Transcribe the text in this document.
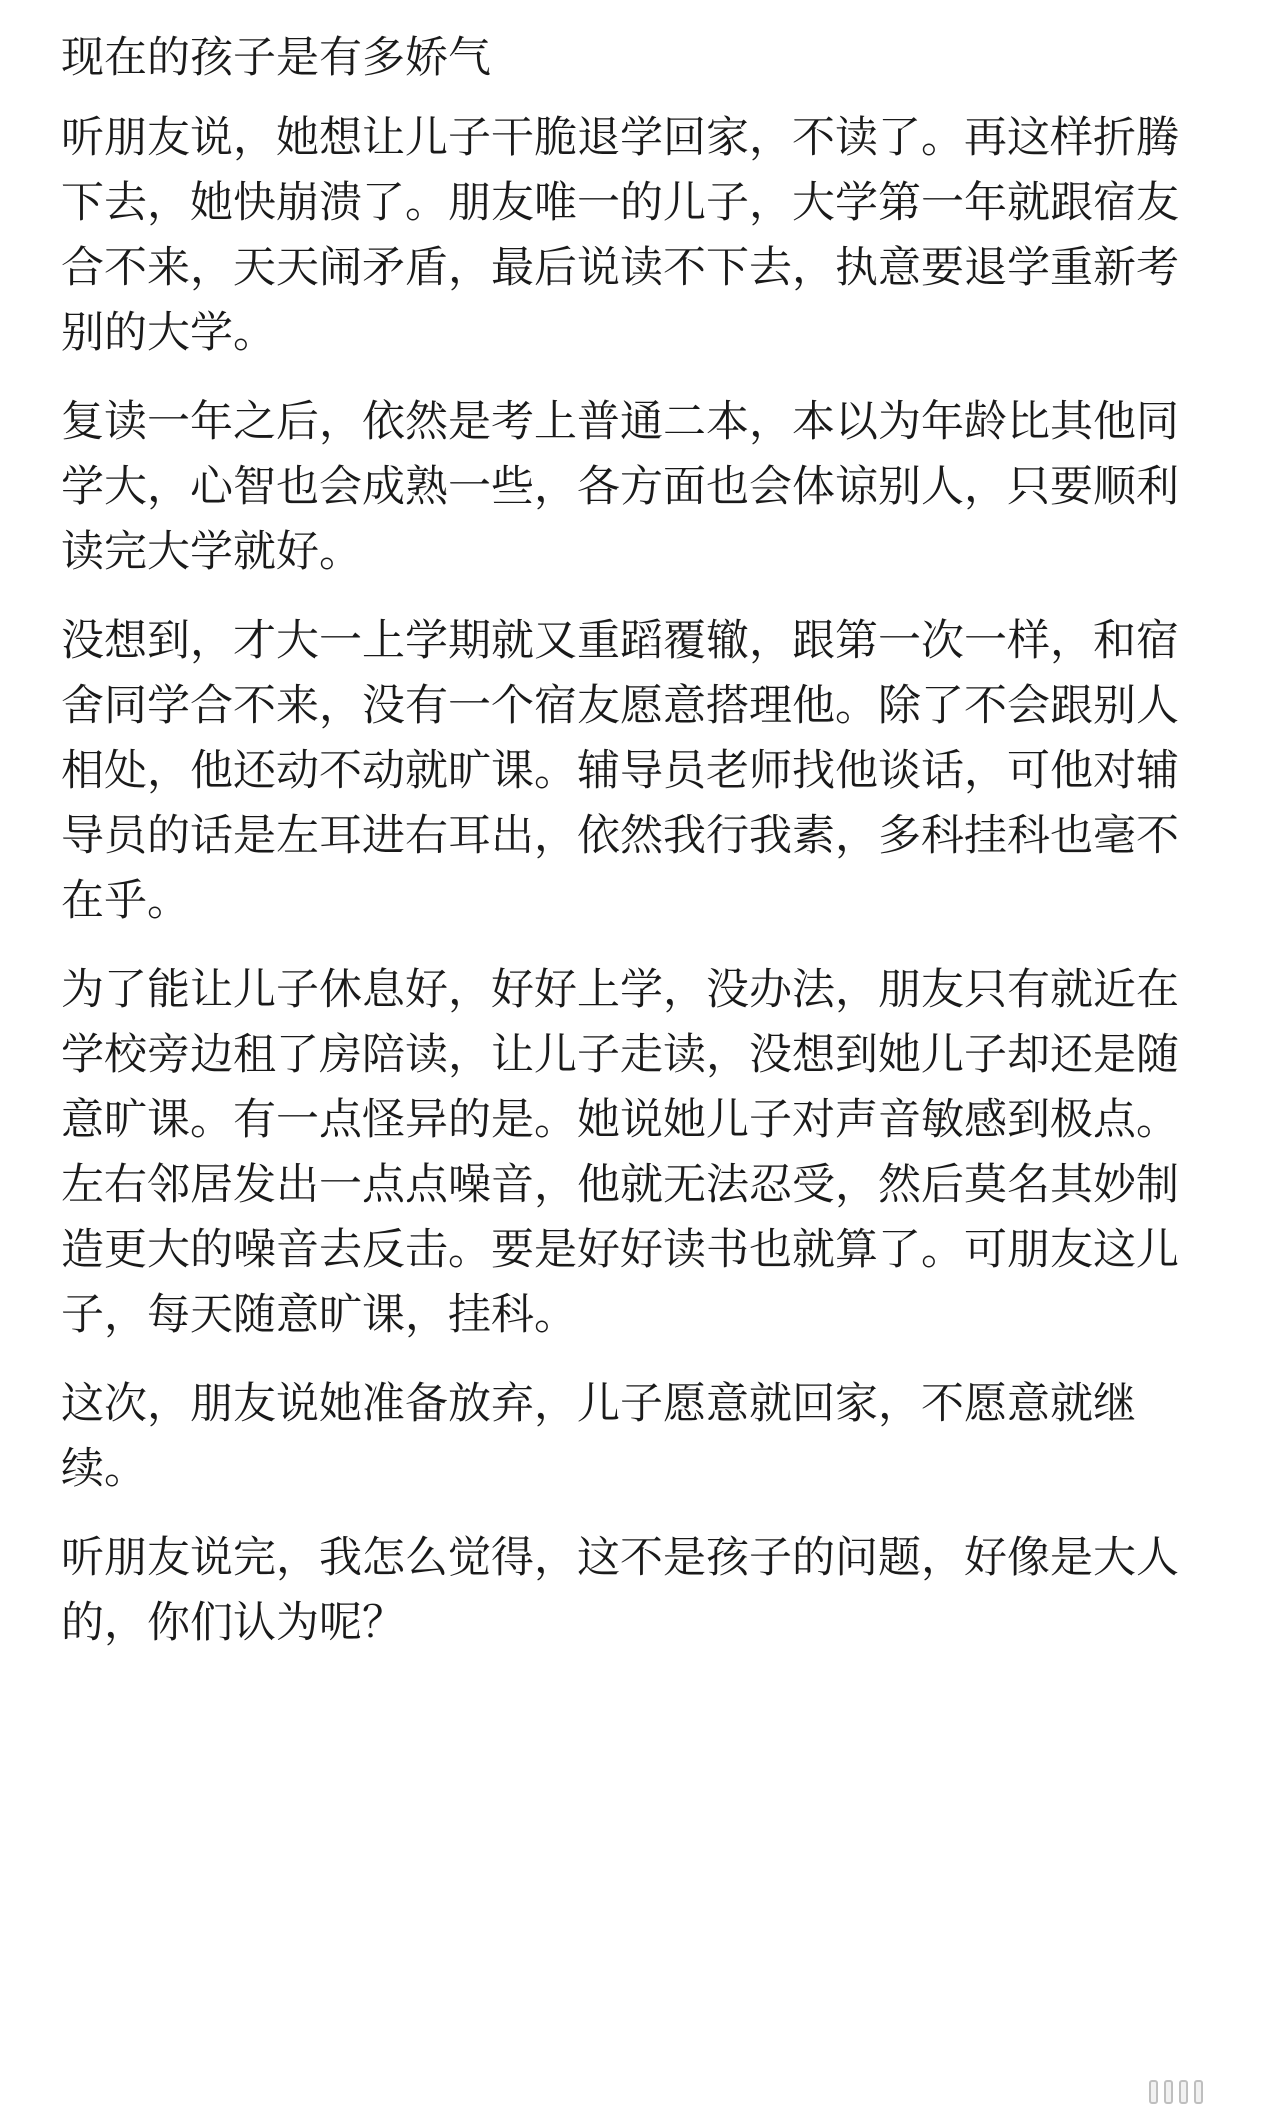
现在的孩子是有多娇气

听朋友说，她想让儿子干脆退学回家，不读了。再这样折腾下去，她快崩溃了。朋友唯一的儿子，大学第一年就跟宿友合不来，天天闹矛盾，最后说读不下去，执意要退学重新考别的大学。

复读一年之后，依然是考上普通二本，本以为年龄比其他同学大，心智也会成熟一些，各方面也会体谅别人，只要顺利读完大学就好。

没想到，才大一上学期就又重蹈覆辙，跟第一次一样，和宿舍同学合不来，没有一个宿友愿意搭理他。除了不会跟别人相处，他还动不动就旷课。辅导员老师找他谈话，可他对辅导员的话是左耳进右耳出，依然我行我素，多科挂科也毫不在乎。

为了能让儿子休息好，好好上学，没办法，朋友只有就近在学校旁边租了房陪读，让儿子走读，没想到她儿子却还是随意旷课。有一点怪异的是。她说她儿子对声音敏感到极点。左右邻居发出一点点噪音，他就无法忍受，然后莫名其妙制造更大的噪音去反击。要是好好读书也就算了。可朋友这儿子，每天随意旷课，挂科。

这次，朋友说她准备放弃，儿子愿意就回家，不愿意就继续。

听朋友说完，我怎么觉得，这不是孩子的问题，好像是大人的，你们认为呢？
